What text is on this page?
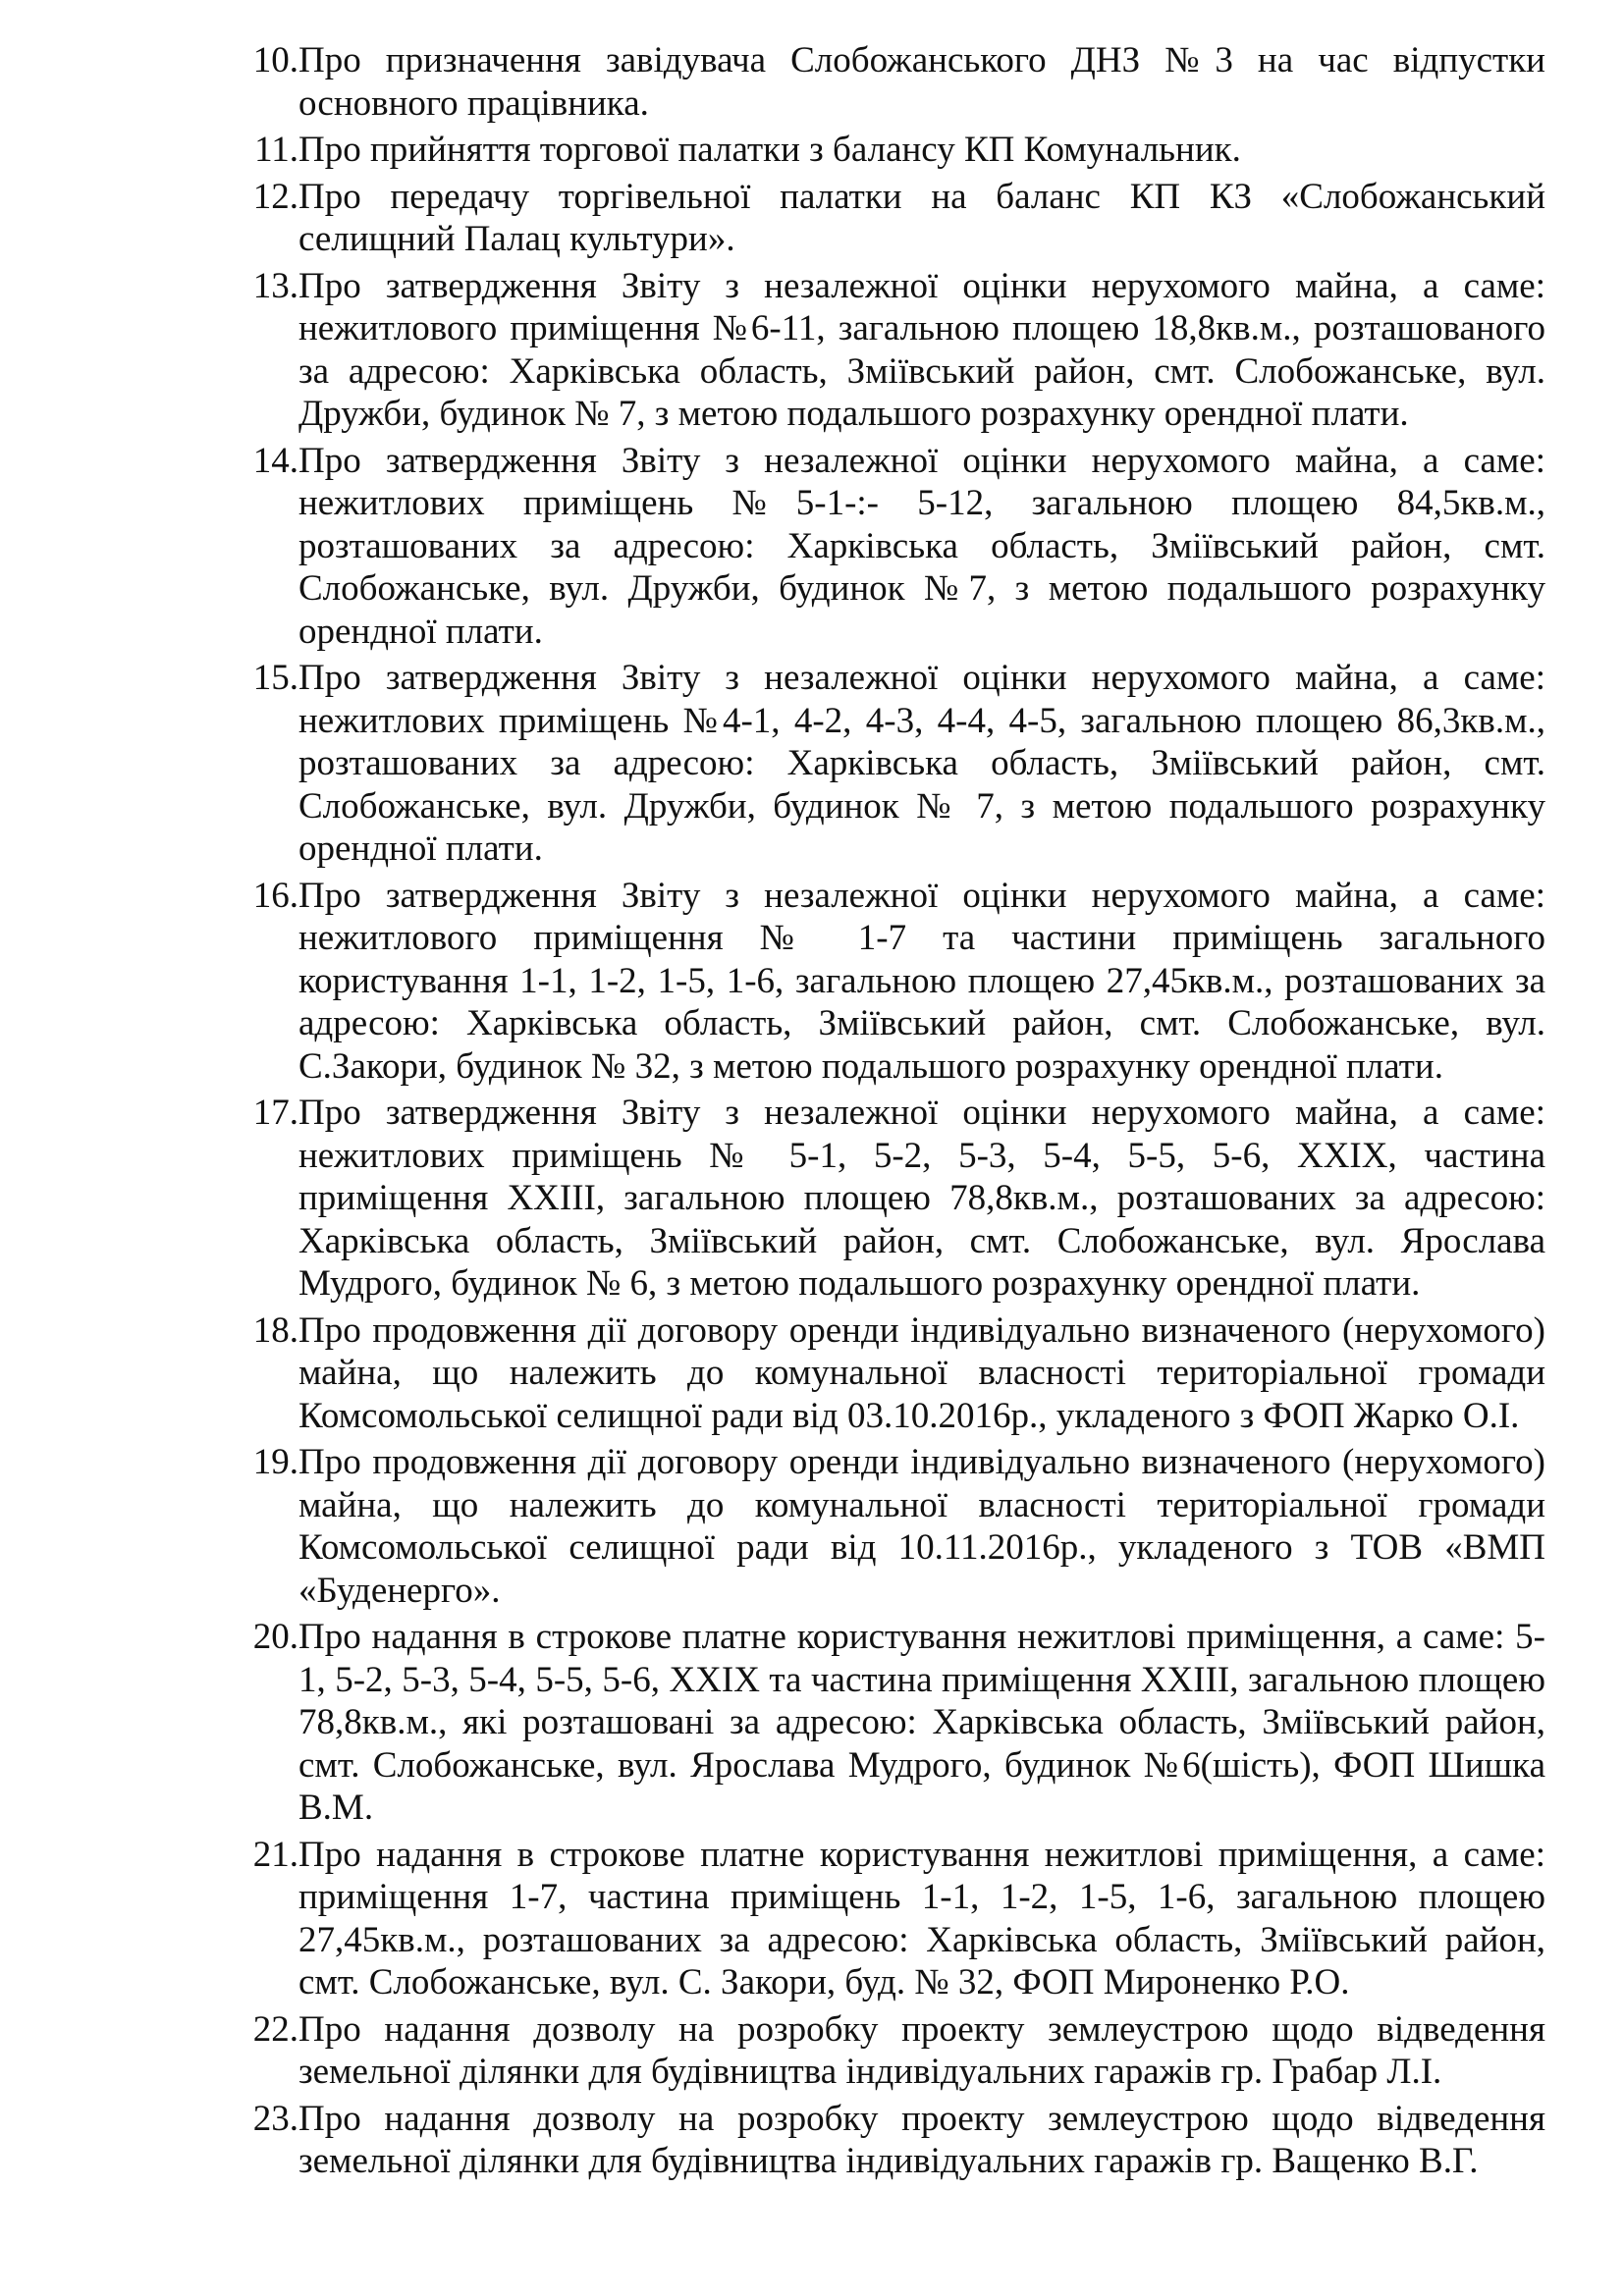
10. Про призначення завідувача Слобожанського ДНЗ №3 на час відпустки основного працівника.
11. Про прийняття торгової палатки з балансу КП Комунальник.
12. Про передачу торгівельної палатки на баланс КП КЗ «Слобожанський селищний Палац культури».
13. Про затвердження Звіту з незалежної оцінки нерухомого майна, а саме: нежитлового приміщення №6-11, загальною площею 18,8кв.м., розташованого за адресою: Харківська область, Зміївський район, смт. Слобожанське, вул. Дружби, будинок № 7, з метою подальшого розрахунку орендної плати.
14. Про затвердження Звіту з незалежної оцінки нерухомого майна, а саме: нежитлових приміщень №5-1-:- 5-12, загальною площею 84,5кв.м., розташованих за адресою: Харківська область, Зміївський район, смт. Слобожанське, вул. Дружби, будинок №7, з метою подальшого розрахунку орендної плати.
15. Про затвердження Звіту з незалежної оцінки нерухомого майна, а саме: нежитлових приміщень №4-1, 4-2, 4-3, 4-4, 4-5, загальною площею 86,3кв.м., розташованих за адресою: Харківська область, Зміївський район, смт. Слобожанське, вул. Дружби, будинок № 7, з метою подальшого розрахунку орендної плати.
16. Про затвердження Звіту з незалежної оцінки нерухомого майна, а саме: нежитлового приміщення № 1-7 та частини приміщень загального користування 1-1, 1-2, 1-5, 1-6, загальною площею 27,45кв.м., розташованих за адресою: Харківська область, Зміївський район, смт. Слобожанське, вул. С.Закори, будинок № 32, з метою подальшого розрахунку орендної плати.
17. Про затвердження Звіту з незалежної оцінки нерухомого майна, а саме: нежитлових приміщень № 5-1, 5-2, 5-3, 5-4, 5-5, 5-6, XXIX, частина приміщення XXIII, загальною площею 78,8кв.м., розташованих за адресою: Харківська область, Зміївський район, смт. Слобожанське, вул. Ярослава Мудрого, будинок № 6, з метою подальшого розрахунку орендної плати.
18. Про продовження дії договору оренди індивідуально визначеного (нерухомого) майна, що належить до комунальної власності територіальної громади Комсомольської селищної ради від 03.10.2016р., укладеного з ФОП Жарко О.І.
19. Про продовження дії договору оренди індивідуально визначеного (нерухомого) майна, що належить до комунальної власності територіальної громади Комсомольської селищної ради від 10.11.2016р., укладеного з ТОВ «ВМП «Буденерго».
20. Про надання в строкове платне користування нежитлові приміщення, а саме: 5-1, 5-2, 5-3, 5-4, 5-5, 5-6, XXIX та частина приміщення XXIII, загальною площею 78,8кв.м., які розташовані за адресою: Харківська область, Зміївський район, смт. Слобожанське, вул. Ярослава Мудрого, будинок №6(шість), ФОП Шишка В.М.
21. Про надання в строкове платне користування нежитлові приміщення, а саме: приміщення 1-7, частина приміщень 1-1, 1-2, 1-5, 1-6, загальною площею 27,45кв.м., розташованих за адресою: Харківська область, Зміївський район, смт. Слобожанське, вул. С. Закори, буд. № 32, ФОП Мироненко Р.О.
22. Про надання дозволу на розробку проекту землеустрою щодо відведення земельної ділянки для будівництва індивідуальних гаражів гр. Грабар Л.І.
23. Про надання дозволу на розробку проекту землеустрою щодо відведення земельної ділянки для будівництва індивідуальних гаражів гр. Ващенко В.Г.
